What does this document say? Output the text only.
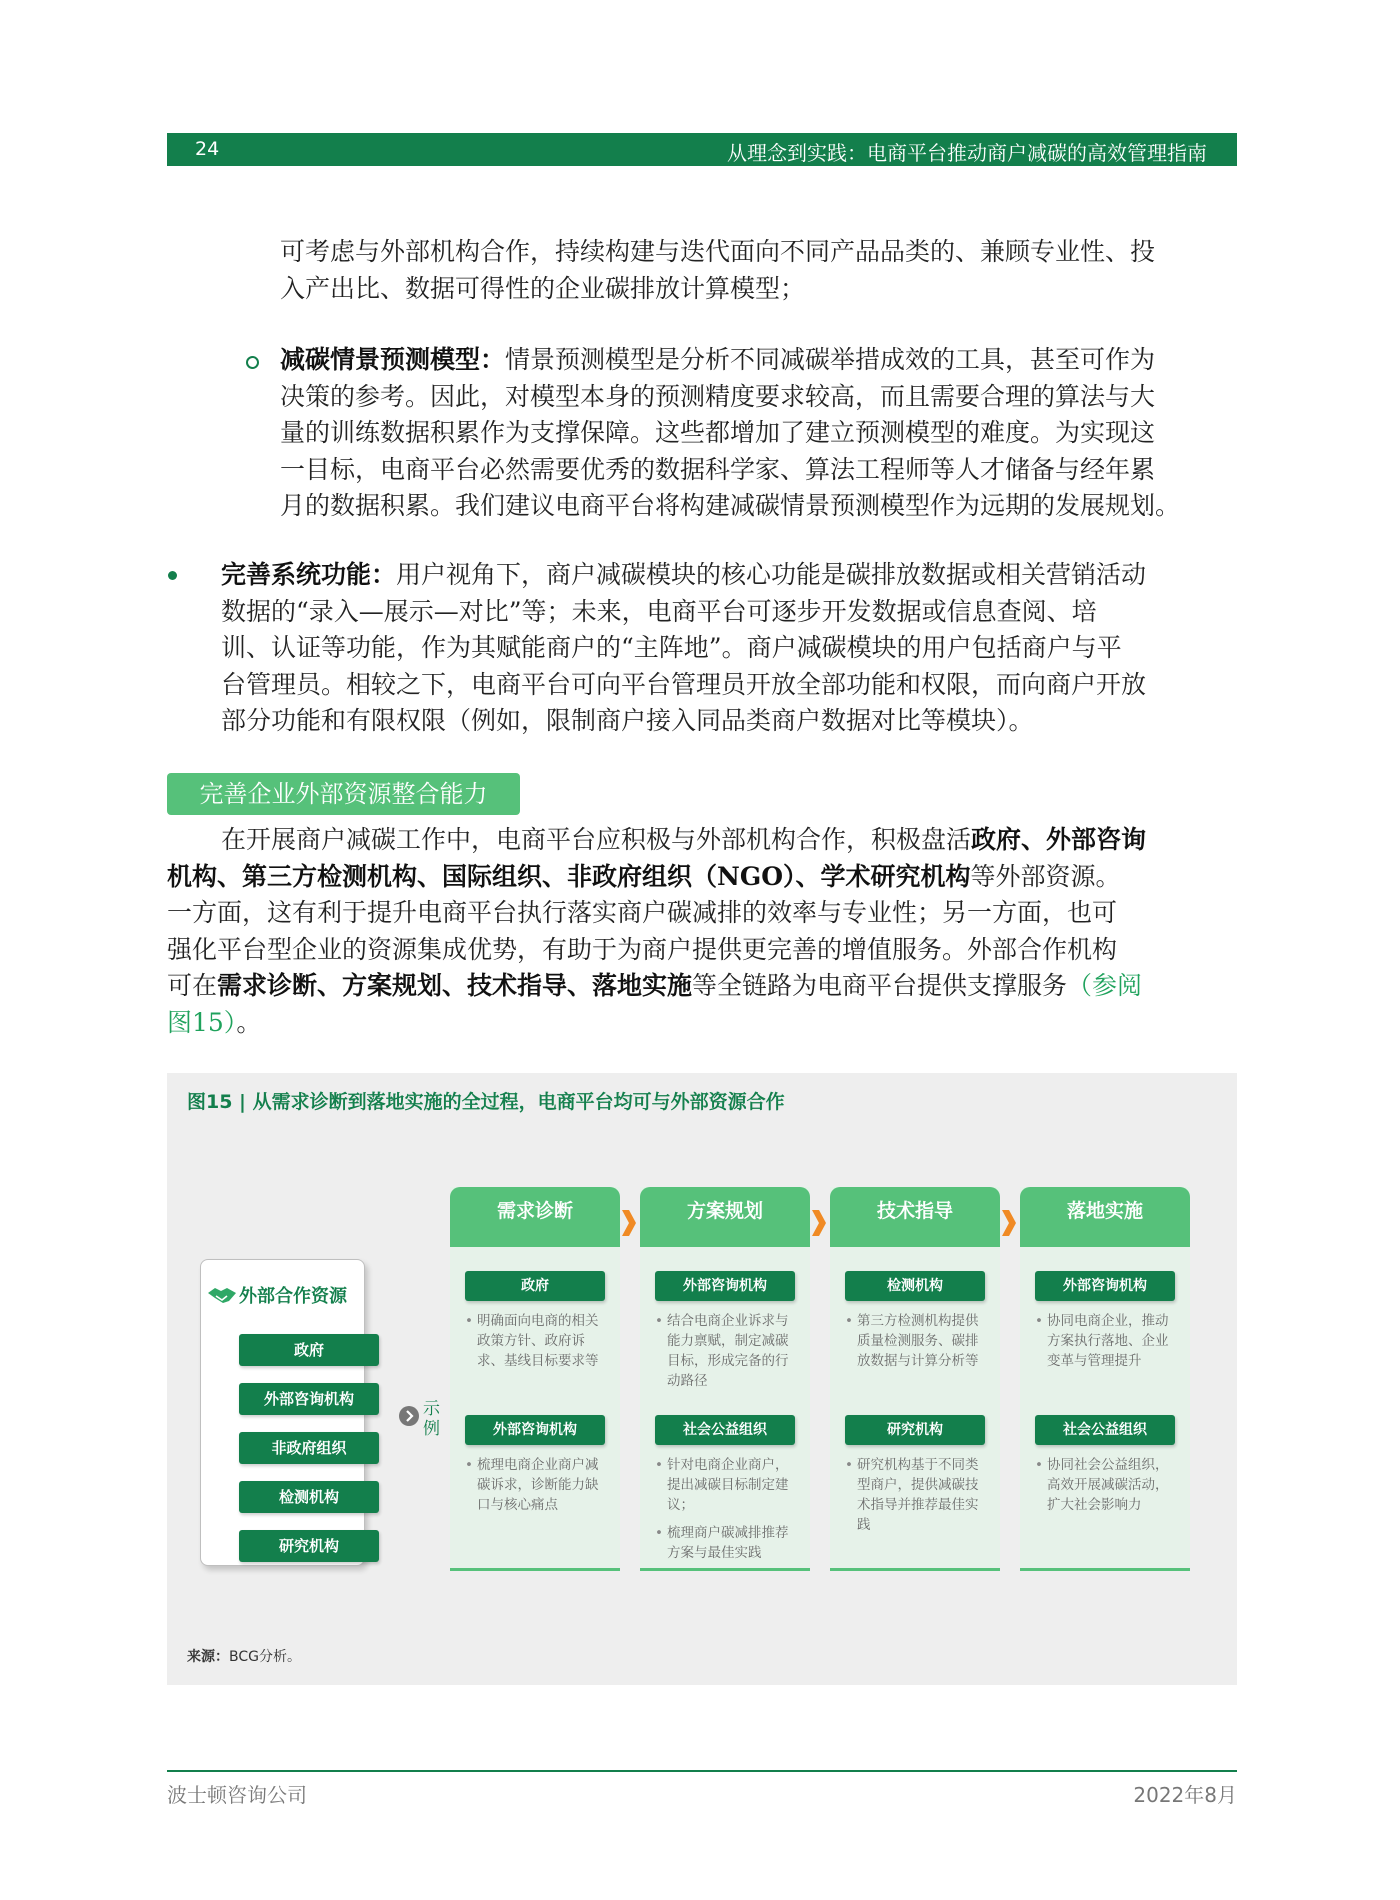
24	从理念到实践：电商平台推动商户减碳的高效管理指南
可考虑与外部机构合作，持续构建与迭代面向不同产品品类的、兼顾专业性、投
入产出比、数据可得性的企业碳排放计算模型；
减碳情景预测模型：情景预测模型是分析不同减碳举措成效的工具，甚至可作为
决策的参考。因此，对模型本身的预测精度要求较高，而且需要合理的算法与大
量的训练数据积累作为支撑保障。这些都增加了建立预测模型的难度。为实现这
一目标，电商平台必然需要优秀的数据科学家、算法工程师等人才储备与经年累
月的数据积累。我们建议电商平台将构建减碳情景预测模型作为远期的发展规划。
完善系统功能：用户视角下，商户减碳模块的核心功能是碳排放数据或相关营销活动
数据的“录入—展示—对比”等；未来，电商平台可逐步开发数据或信息查阅、培
训、认证等功能，作为其赋能商户的“主阵地”。商户减碳模块的用户包括商户与平
台管理员。相较之下，电商平台可向平台管理员开放全部功能和权限，而向商户开放
部分功能和有限权限（例如，限制商户接入同品类商户数据对比等模块）。
完善企业外部资源整合能力
在开展商户减碳工作中，电商平台应积极与外部机构合作，积极盘活政府、外部咨询
机构、第三方检测机构、国际组织、非政府组织（NGO）、学术研究机构等外部资源。
一方面，这有利于提升电商平台执行落实商户碳减排的效率与专业性；另一方面，也可
强化平台型企业的资源集成优势，有助于为商户提供更完善的增值服务。外部合作机构
可在需求诊断、方案规划、技术指导、落地实施等全链路为电商平台提供支撑服务（参阅
图15）。
图15 | 从需求诊断到落地实施的全过程，电商平台均可与外部资源合作
外部合作资源
政府
外部咨询机构
非政府组织
检测机构
研究机构
示例
需求诊断
政府
• 明确面向电商的相关政策方针、政府诉求、基线目标要求等
外部咨询机构
• 梳理电商企业商户减碳诉求，诊断能力缺口与核心痛点
方案规划
外部咨询机构
• 结合电商企业诉求与能力禀赋，制定减碳目标，形成完备的行动路径
社会公益组织
• 针对电商企业商户，提出减碳目标制定建议；
• 梳理商户碳减排推荐方案与最佳实践
技术指导
检测机构
• 第三方检测机构提供质量检测服务、碳排放数据与计算分析等
研究机构
• 研究机构基于不同类型商户，提供减碳技术指导并推荐最佳实践
落地实施
外部咨询机构
• 协同电商企业，推动方案执行落地、企业变革与管理提升
社会公益组织
• 协同社会公益组织，高效开展减碳活动，扩大社会影响力
来源：BCG分析。
波士顿咨询公司	2022年8月
